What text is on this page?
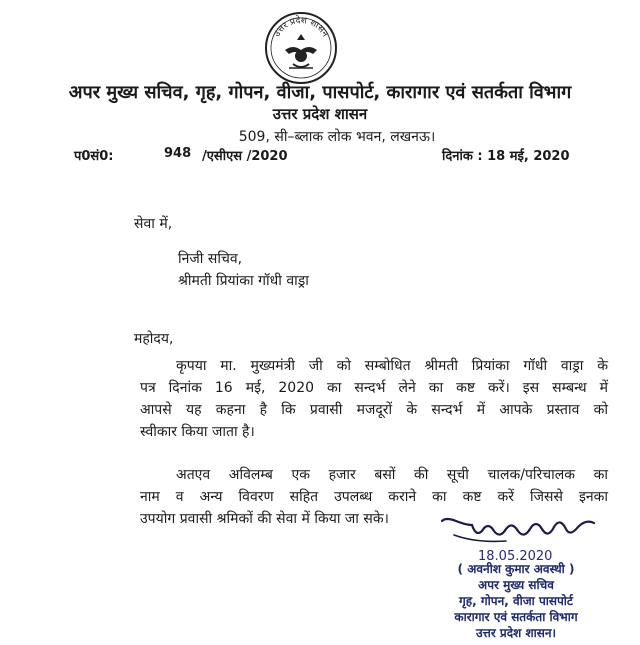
उत्तर प्रदेश शासन
अपर मुख्य सचिव, गृह, गोपन, वीजा, पासपोर्ट, कारागार एवं सतर्कता विभाग
उत्तर प्रदेश शासन
509, सी–ब्लाक लोक भवन, लखनऊ।
प0सं0:	948 /एसीएस /2020	दिनांक : 18 मई, 2020
सेवा में,
निजी सचिव,
श्रीमती प्रियांका गॉधी वाड्रा
महोदय,
कृपया मा. मुख्यमंत्री जी को सम्बोधित श्रीमती प्रियांका गॉधी वाड्रा के
पत्र दिनांक 16 मई, 2020 का सन्दर्भ लेने का कष्ट करें। इस सम्बन्ध में
आपसे यह कहना है कि प्रवासी मजदूरों के सन्दर्भ में आपके प्रस्ताव को
स्वीकार किया जाता है।
अतएव अविलम्ब एक हजार बसों की सूची चालक/परिचालक का
नाम व अन्य विवरण सहित उपलब्ध कराने का कष्ट करें जिससे इनका
उपयोग प्रवासी श्रमिकों की सेवा में किया जा सके।
18.05.2020
( अवनीश कुमार अवस्थी )
अपर मुख्य सचिव
गृह, गोपन, वीजा पासपोर्ट
कारागार एवं सतर्कता विभाग
उत्तर प्रदेश शासन।
